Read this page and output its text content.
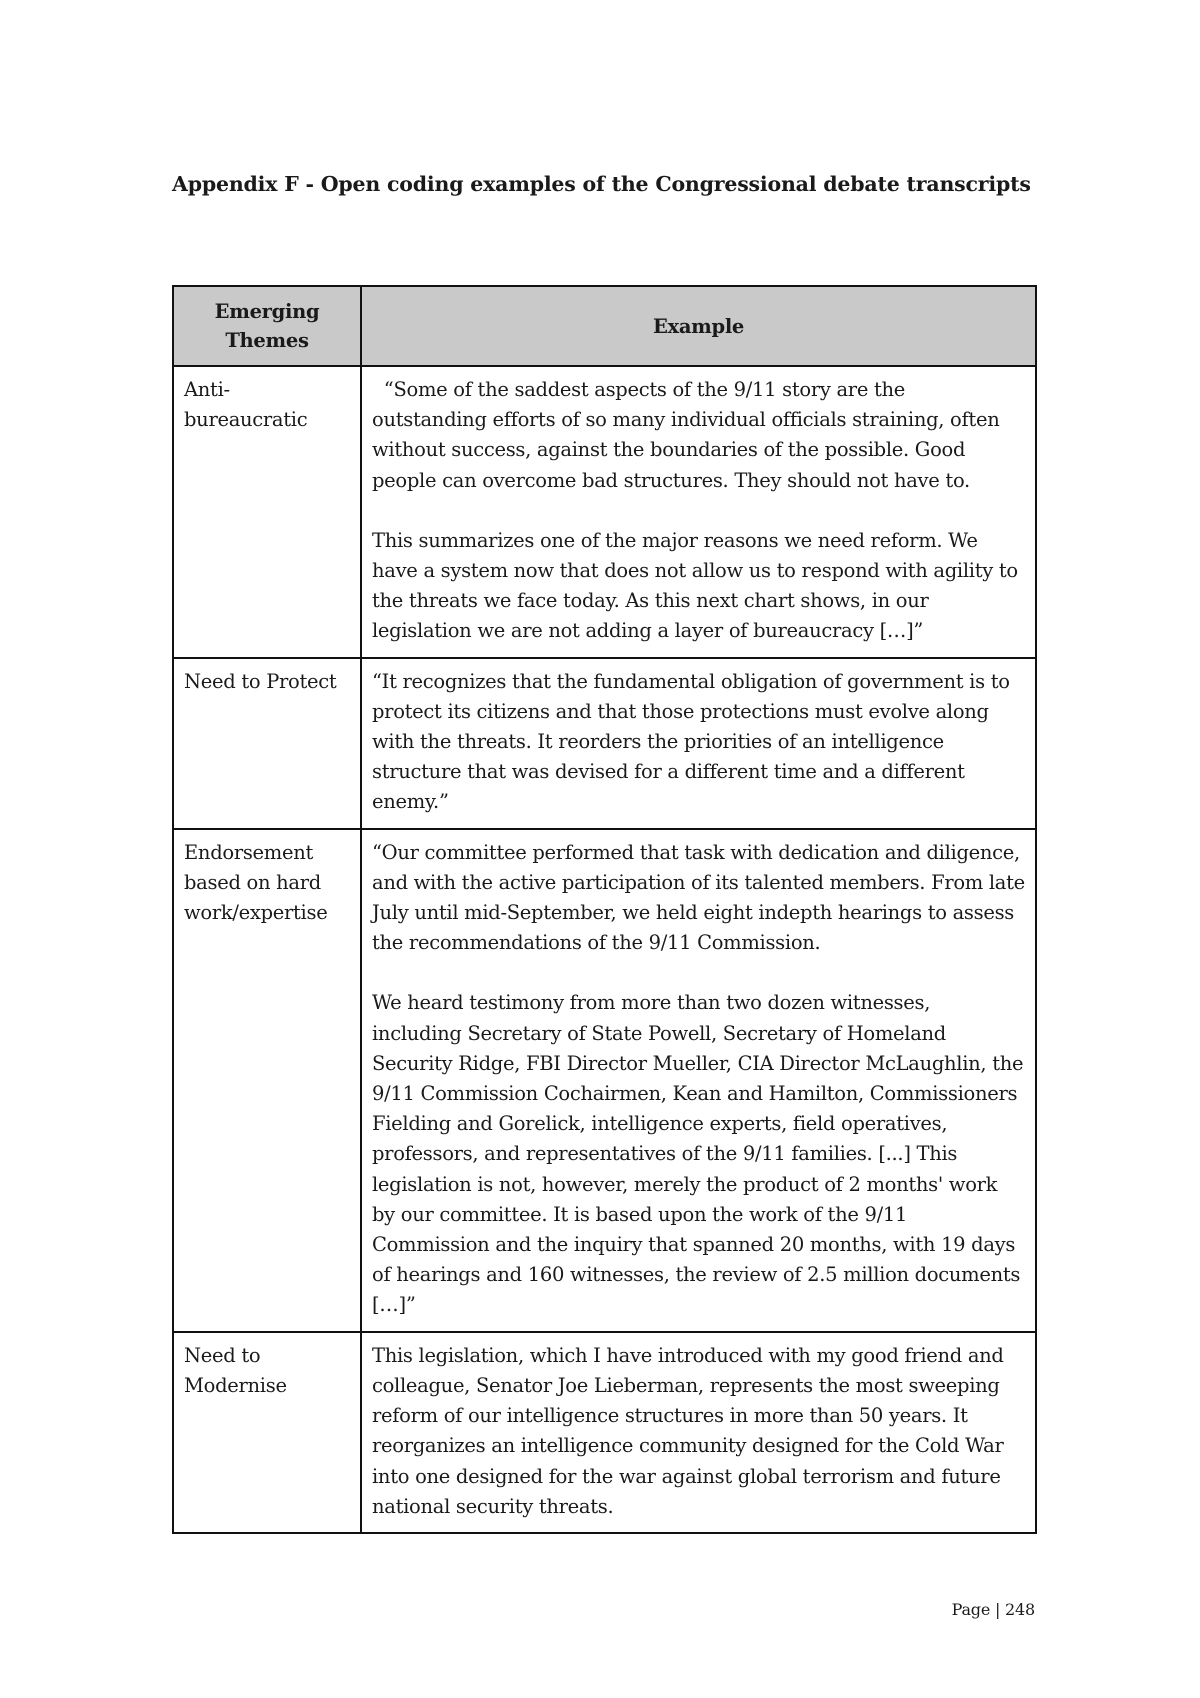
Appendix F - Open coding examples of the Congressional debate transcripts
Emerging Themes	Example
Anti-bureaucratic	“Some of the saddest aspects of the 9/11 story are the outstanding efforts of so many individual officials straining, often without success, against the boundaries of the possible. Good people can overcome bad structures. They should not have to.

This summarizes one of the major reasons we need reform. We have a system now that does not allow us to respond with agility to the threats we face today. As this next chart shows, in our legislation we are not adding a layer of bureaucracy […]”

Need to Protect	“It recognizes that the fundamental obligation of government is to protect its citizens and that those protections must evolve along with the threats. It reorders the priorities of an intelligence structure that was devised for a different time and a different enemy.”

Endorsement based on hard work/expertise	“Our committee performed that task with dedication and diligence, and with the active participation of its talented members. From late July until mid-September, we held eight indepth hearings to assess the recommendations of the 9/11 Commission.

We heard testimony from more than two dozen witnesses, including Secretary of State Powell, Secretary of Homeland Security Ridge, FBI Director Mueller, CIA Director McLaughlin, the 9/11 Commission Cochairmen, Kean and Hamilton, Commissioners Fielding and Gorelick, intelligence experts, field operatives, professors, and representatives of the 9/11 families. [...] This legislation is not, however, merely the product of 2 months' work by our committee. It is based upon the work of the 9/11 Commission and the inquiry that spanned 20 months, with 19 days of hearings and 160 witnesses, the review of 2.5 million documents […]”

Need to Modernise	This legislation, which I have introduced with my good friend and colleague, Senator Joe Lieberman, represents the most sweeping reform of our intelligence structures in more than 50 years. It reorganizes an intelligence community designed for the Cold War into one designed for the war against global terrorism and future national security threats.

Page | 248
